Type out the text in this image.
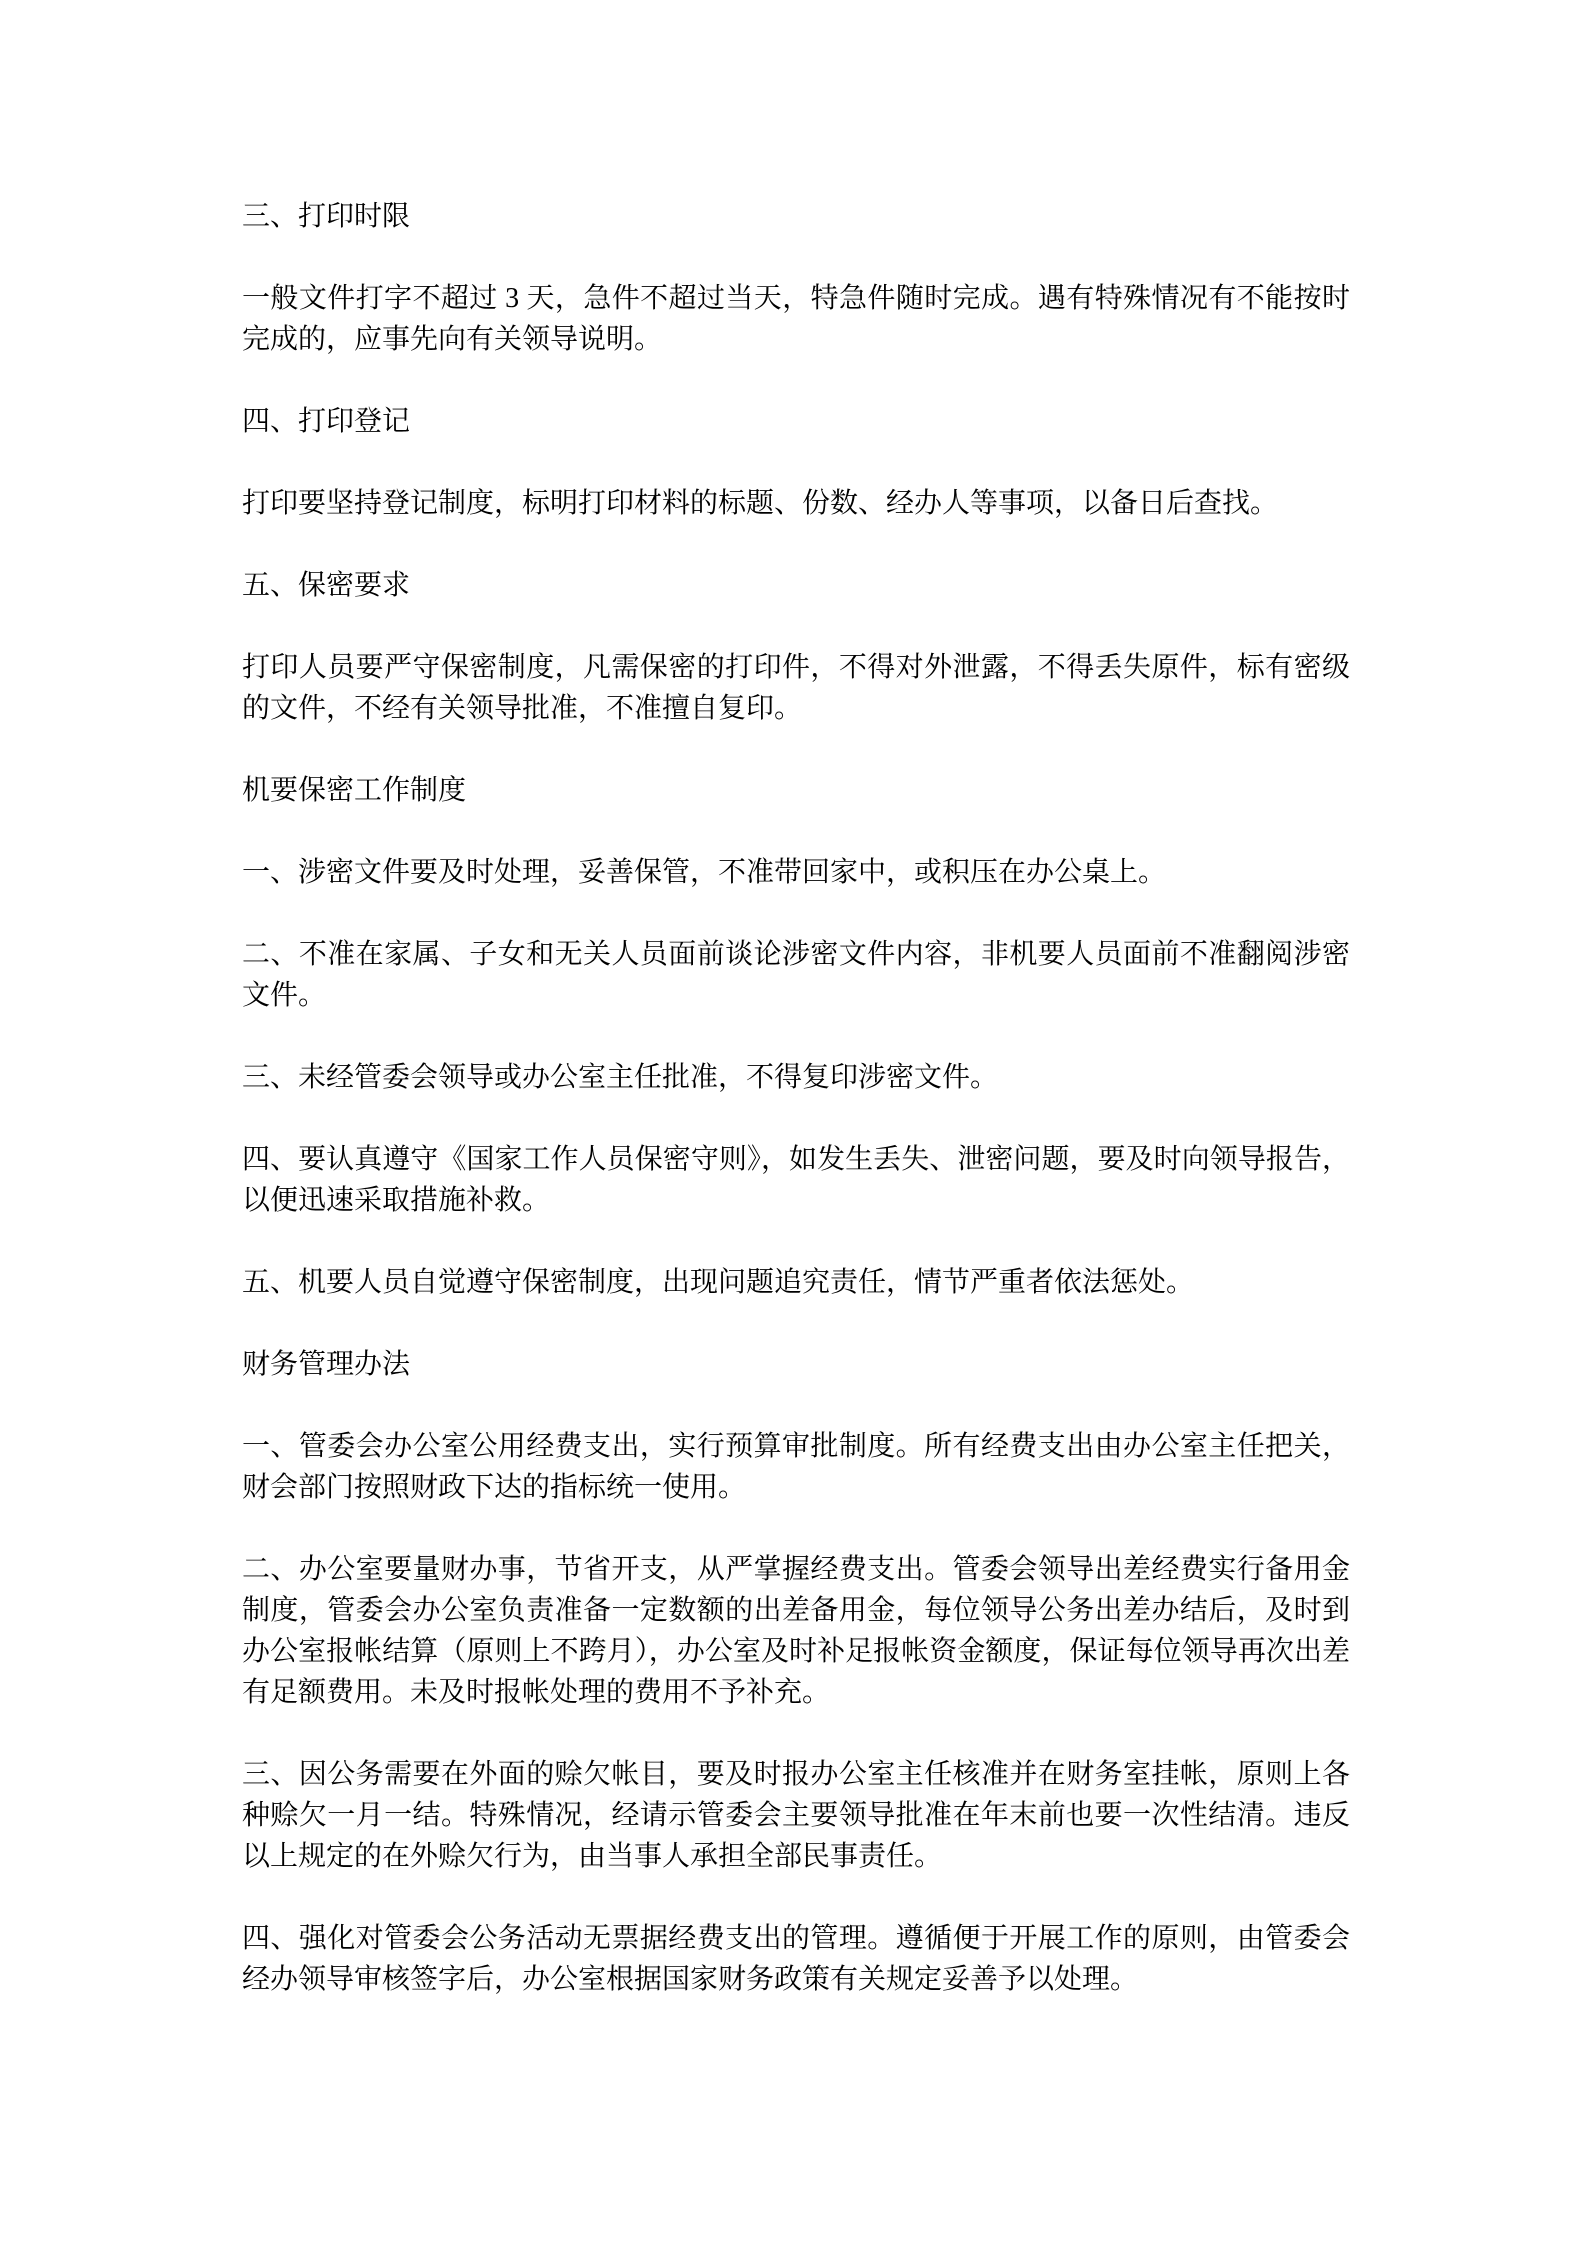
三、打印时限

一般文件打字不超过 3 天，急件不超过当天，特急件随时完成。遇有特殊情况有不能按时完成的，应事先向有关领导说明。

四、打印登记

打印要坚持登记制度，标明打印材料的标题、份数、经办人等事项，以备日后查找。

五、保密要求

打印人员要严守保密制度，凡需保密的打印件，不得对外泄露，不得丢失原件，标有密级的文件，不经有关领导批准，不准擅自复印。

机要保密工作制度

一、涉密文件要及时处理，妥善保管，不准带回家中，或积压在办公桌上。

二、不准在家属、子女和无关人员面前谈论涉密文件内容，非机要人员面前不准翻阅涉密文件。

三、未经管委会领导或办公室主任批准，不得复印涉密文件。

四、要认真遵守《国家工作人员保密守则》，如发生丢失、泄密问题，要及时向领导报告，以便迅速采取措施补救。

五、机要人员自觉遵守保密制度，出现问题追究责任，情节严重者依法惩处。

财务管理办法

一、管委会办公室公用经费支出，实行预算审批制度。所有经费支出由办公室主任把关，财会部门按照财政下达的指标统一使用。

二、办公室要量财办事，节省开支，从严掌握经费支出。管委会领导出差经费实行备用金制度，管委会办公室负责准备一定数额的出差备用金，每位领导公务出差办结后，及时到办公室报帐结算（原则上不跨月），办公室及时补足报帐资金额度，保证每位领导再次出差有足额费用。未及时报帐处理的费用不予补充。

三、因公务需要在外面的赊欠帐目，要及时报办公室主任核准并在财务室挂帐，原则上各种赊欠一月一结。特殊情况，经请示管委会主要领导批准在年末前也要一次性结清。违反以上规定的在外赊欠行为，由当事人承担全部民事责任。

四、强化对管委会公务活动无票据经费支出的管理。遵循便于开展工作的原则，由管委会经办领导审核签字后，办公室根据国家财务政策有关规定妥善予以处理。
